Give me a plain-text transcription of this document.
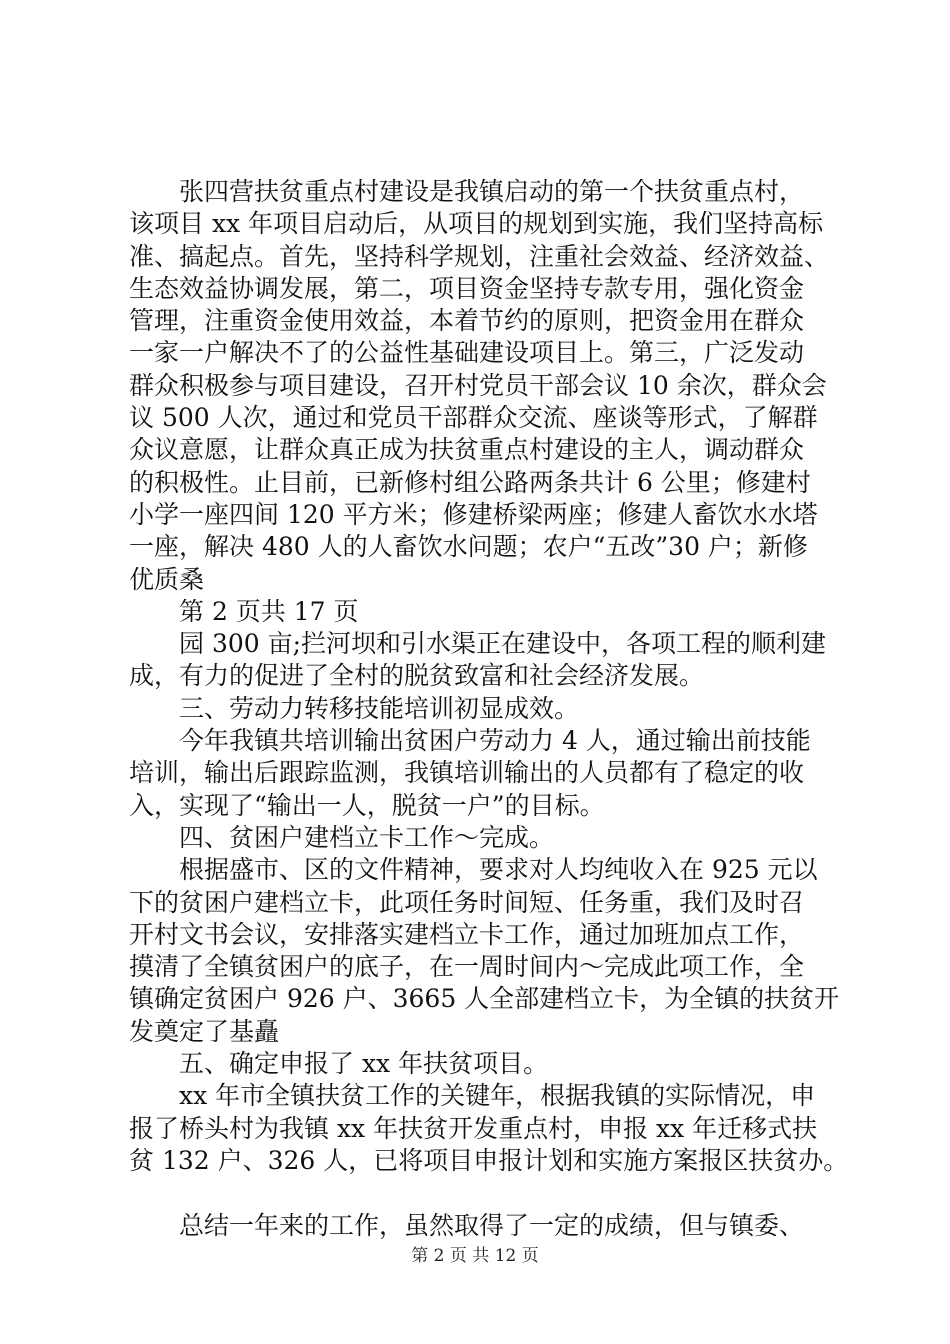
张四营扶贫重点村建设是我镇启动的第一个扶贫重点村，
该项目 xx 年项目启动后，从项目的规划到实施，我们坚持高标
准、搞起点。首先，坚持科学规划，注重社会效益、经济效益、
生态效益协调发展，第二，项目资金坚持专款专用，强化资金
管理，注重资金使用效益，本着节约的原则，把资金用在群众
一家一户解决不了的公益性基础建设项目上。第三，广泛发动
群众积极参与项目建设，召开村党员干部会议 10 余次，群众会
议 500 人次，通过和党员干部群众交流、座谈等形式，了解群
众议意愿，让群众真正成为扶贫重点村建设的主人，调动群众
的积极性。止目前，已新修村组公路两条共计 6 公里；修建村
小学一座四间 120 平方米；修建桥梁两座；修建人畜饮水水塔
一座，解决 480 人的人畜饮水问题；农户“五改”30 户；新修
优质桑
第 2 页共 17 页
园 300 亩;拦河坝和引水渠正在建设中，各项工程的顺利建
成，有力的促进了全村的脱贫致富和社会经济发展。
三、劳动力转移技能培训初显成效。
今年我镇共培训输出贫困户劳动力 4 人，通过输出前技能
培训，输出后跟踪监测，我镇培训输出的人员都有了稳定的收
入，实现了“输出一人，脱贫一户”的目标。
四、贫困户建档立卡工作～完成。
根据盛市、区的文件精神，要求对人均纯收入在 925 元以
下的贫困户建档立卡，此项任务时间短、任务重，我们及时召
开村文书会议，安排落实建档立卡工作，通过加班加点工作，
摸清了全镇贫困户的底子，在一周时间内～完成此项工作，全
镇确定贫困户 926 户、3665 人全部建档立卡，为全镇的扶贫开
发奠定了基矗
五、确定申报了 xx 年扶贫项目。
xx 年市全镇扶贫工作的关键年，根据我镇的实际情况，申
报了桥头村为我镇 xx 年扶贫开发重点村，申报 xx 年迁移式扶
贫 132 户、326 人，已将项目申报计划和实施方案报区扶贫办。
总结一年来的工作，虽然取得了一定的成绩，但与镇委、
第 2 页 共 12 页
